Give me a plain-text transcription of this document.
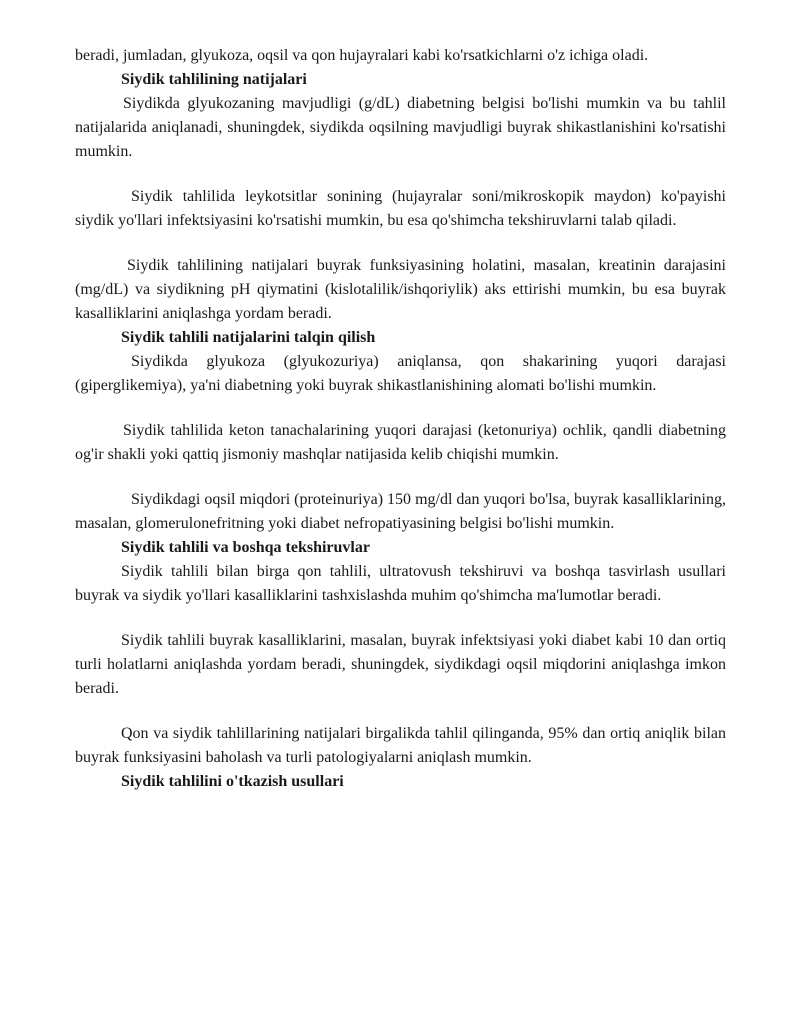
beradi, jumladan, glyukoza, oqsil va qon hujayralari kabi ko'rsatkichlarni o'z ichiga oladi.

Siydik tahlilining natijalari

Siydikda glyukozaning mavjudligi (g/dL) diabetning belgisi bo'lishi mumkin va bu tahlil natijalarida aniqlanadi, shuningdek, siydikda oqsilning mavjudligi buyrak shikastlanishini ko'rsatishi mumkin.

Siydik tahlilida leykotsitlar sonining (hujayralar soni/mikroskopik maydon) ko'payishi siydik yo'llari infektsiyasini ko'rsatishi mumkin, bu esa qo'shimcha tekshiruvlarni talab qiladi.

Siydik tahlilining natijalari buyrak funksiyasining holatini, masalan, kreatinin darajasini (mg/dL) va siydikning pH qiymatini (kislotalilik/ishqoriylik) aks ettirishi mumkin, bu esa buyrak kasalliklarini aniqlashga yordam beradi.

Siydik tahlili natijalarini talqin qilish

Siydikda glyukoza (glyukozuriya) aniqlansa, qon shakarining yuqori darajasi (giperglikemiya), ya'ni diabetning yoki buyrak shikastlanishining alomati bo'lishi mumkin.

Siydik tahlilida keton tanachalarining yuqori darajasi (ketonuriya) ochlik, qandli diabetning og'ir shakli yoki qattiq jismoniy mashqlar natijasida kelib chiqishi mumkin.

Siydikdagi oqsil miqdori (proteinuriya) 150 mg/dl dan yuqori bo'lsa, buyrak kasalliklarining, masalan, glomerulonefritning yoki diabet nefropatiyasining belgisi bo'lishi mumkin.

Siydik tahlili va boshqa tekshiruvlar

Siydik tahlili bilan birga qon tahlili, ultratovush tekshiruvi va boshqa tasvirlash usullari buyrak va siydik yo'llari kasalliklarini tashxislashda muhim qo'shimcha ma'lumotlar beradi.

Siydik tahlili buyrak kasalliklarini, masalan, buyrak infektsiyasi yoki diabet kabi 10 dan ortiq turli holatlarni aniqlashda yordam beradi, shuningdek, siydikdagi oqsil miqdorini aniqlashga imkon beradi.

Qon va siydik tahlillarining natijalari birgalikda tahlil qilinganda, 95% dan ortiq aniqlik bilan buyrak funksiyasini baholash va turli patologiyalarni aniqlash mumkin.

Siydik tahlilini o'tkazish usullari
